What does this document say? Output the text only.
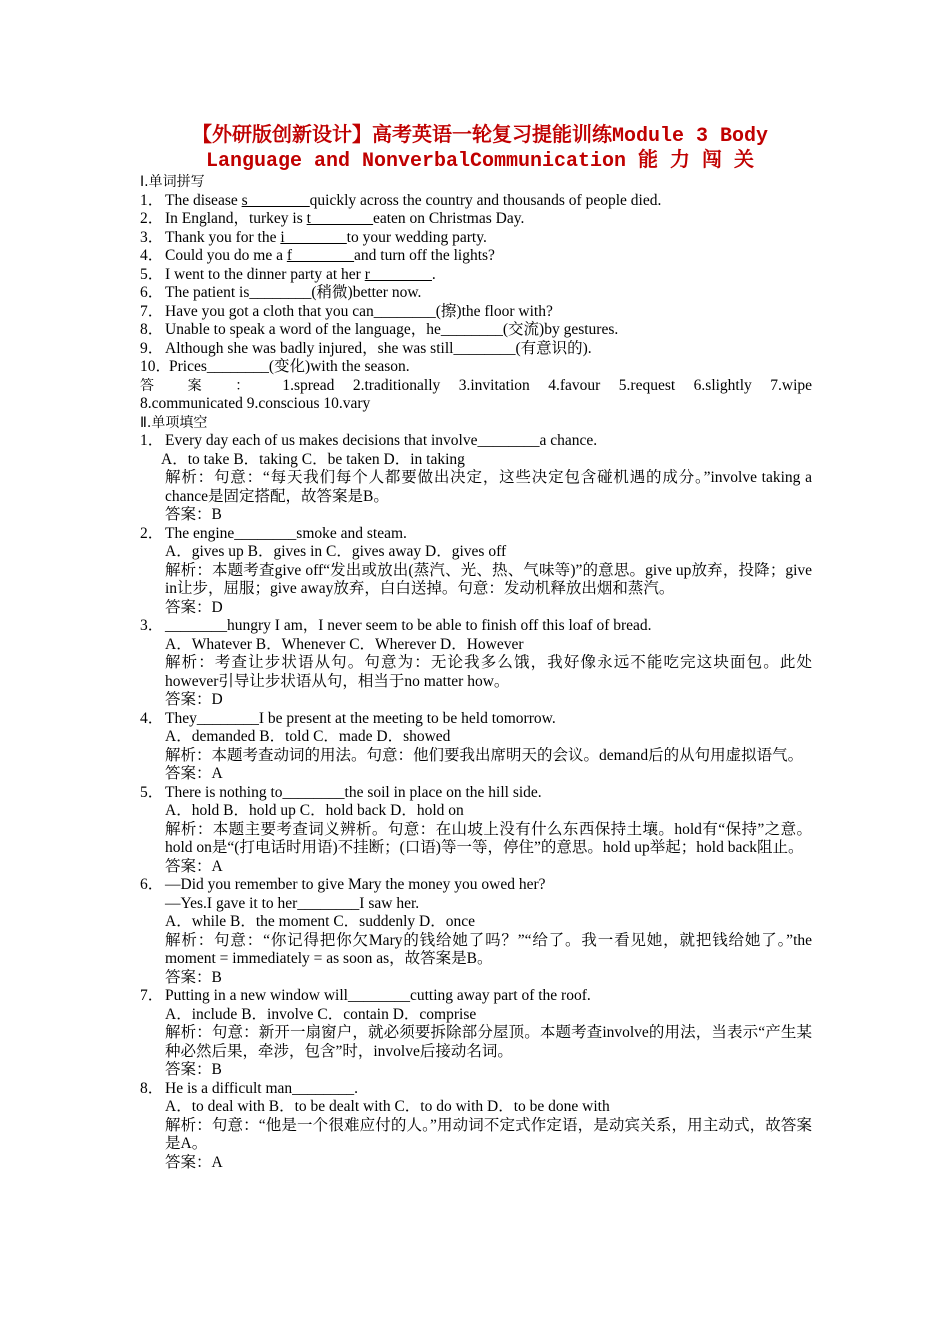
【外研版创新设计】高考英语一轮复习提能训练Module 3 Body
Language and NonverbalCommunication 能 力 闯 关
Ⅰ.单词拼写
1． The disease s________quickly across the country and thousands of people died.
2． In England，turkey is t________eaten on Christmas Day.
3． Thank you for the i________to your wedding party.
4． Could you do me a f________and turn off the lights?
5． I went to the dinner party at her r________.
6． The patient is________(稍微)better now.
7． Have you got a cloth that you can________(擦)the floor with?
8． Unable to speak a word of the language，he________(交流)by gestures.
9． Although she was badly injured，she was still________(有意识的).
10．Prices________(变化)with the season.
答 案 ： 1.spread 2.traditionally 3.invitation 4.favour 5.request 6.slightly 7.wipe
8.communicated 9.conscious 10.vary
Ⅱ.单项填空
1． Every day each of us makes decisions that involve________a chance.
A．to take B．taking C．be taken D．in taking
解析：句意：“每天我们每个人都要做出决定，这些决定包含碰机遇的成分。”involve taking a chance是固定搭配，故答案是B。
答案：B
2． The engine________smoke and steam.
A．gives up B．gives in C．gives away D．gives off
解析：本题考查give off“发出或放出(蒸汽、光、热、气味等)”的意思。give up放弃，投降；give in让步，屈服；give away放弃，白白送掉。句意：发动机释放出烟和蒸汽。
答案：D
3． ________hungry I am，I never seem to be able to finish off this loaf of bread.
A．Whatever B．Whenever C．Wherever D．However
解析：考查让步状语从句。句意为：无论我多么饿，我好像永远不能吃完这块面包。此处however引导让步状语从句，相当于no matter how。
答案：D
4． They________I be present at the meeting to be held tomorrow.
A．demanded B．told C．made D．showed
解析：本题考查动词的用法。句意：他们要我出席明天的会议。demand后的从句用虚拟语气。
答案：A
5． There is nothing to________the soil in place on the hill side.
A．hold B．hold up C．hold back D．hold on
解析：本题主要考查词义辨析。句意：在山坡上没有什么东西保持土壤。hold有“保持”之意。hold on是“(打电话时用语)不挂断；(口语)等一等，停住”的意思。hold up举起；hold back阻止。
答案：A
6． —Did you remember to give Mary the money you owed her?
—Yes.I gave it to her________I saw her.
A．while B．the moment C．suddenly D．once
解析：句意：“你记得把你欠Mary的钱给她了吗？”“给了。我一看见她，就把钱给她了。”the moment = immediately = as soon as，故答案是B。
答案：B
7． Putting in a new window will________cutting away part of the roof.
A．include B．involve C．contain D．comprise
解析：句意：新开一扇窗户，就必须要拆除部分屋顶。本题考查involve的用法，当表示“产生某种必然后果，牵涉，包含”时，involve后接动名词。
答案：B
8． He is a difficult man________.
A．to deal with B．to be dealt with C．to do with D．to be done with
解析：句意：“他是一个很难应付的人。”用动词不定式作定语，是动宾关系，用主动式，故答案是A。
答案：A
